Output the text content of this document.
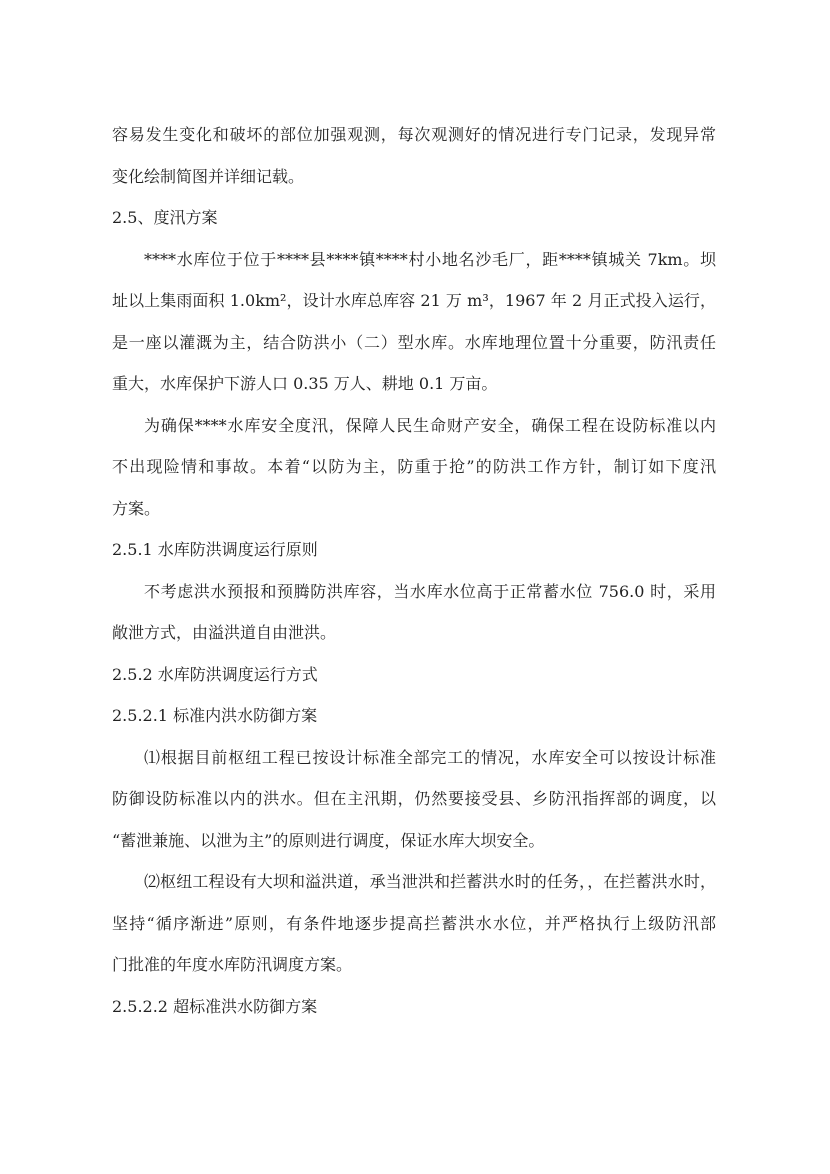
容易发生变化和破坏的部位加强观测，每次观测好的情况进行专门记录，发现异常
变化绘制简图并详细记载。
2.5、度汛方案
****水库位于位于****县****镇****村小地名沙毛厂，距****镇城关 7km。坝
址以上集雨面积 1.0km²，设计水库总库容 21 万 m³，1967 年 2 月正式投入运行，
是一座以灌溉为主，结合防洪小（二）型水库。水库地理位置十分重要，防汛责任
重大，水库保护下游人口 0.35 万人、耕地 0.1 万亩。
为确保****水库安全度汛，保障人民生命财产安全，确保工程在设防标准以内
不出现险情和事故。本着“以防为主，防重于抢”的防洪工作方针，制订如下度汛
方案。
2.5.1 水库防洪调度运行原则
不考虑洪水预报和预腾防洪库容，当水库水位高于正常蓄水位 756.0 时，采用
敞泄方式，由溢洪道自由泄洪。
2.5.2 水库防洪调度运行方式
2.5.2.1 标准内洪水防御方案
⑴根据目前枢纽工程已按设计标准全部完工的情况，水库安全可以按设计标准
防御设防标准以内的洪水。但在主汛期，仍然要接受县、乡防汛指挥部的调度，以
“蓄泄兼施、以泄为主”的原则进行调度，保证水库大坝安全。
⑵枢纽工程设有大坝和溢洪道，承当泄洪和拦蓄洪水时的任务，，在拦蓄洪水时，
坚持“循序渐进”原则，有条件地逐步提高拦蓄洪水水位，并严格执行上级防汛部
门批准的年度水库防汛调度方案。
2.5.2.2 超标准洪水防御方案
